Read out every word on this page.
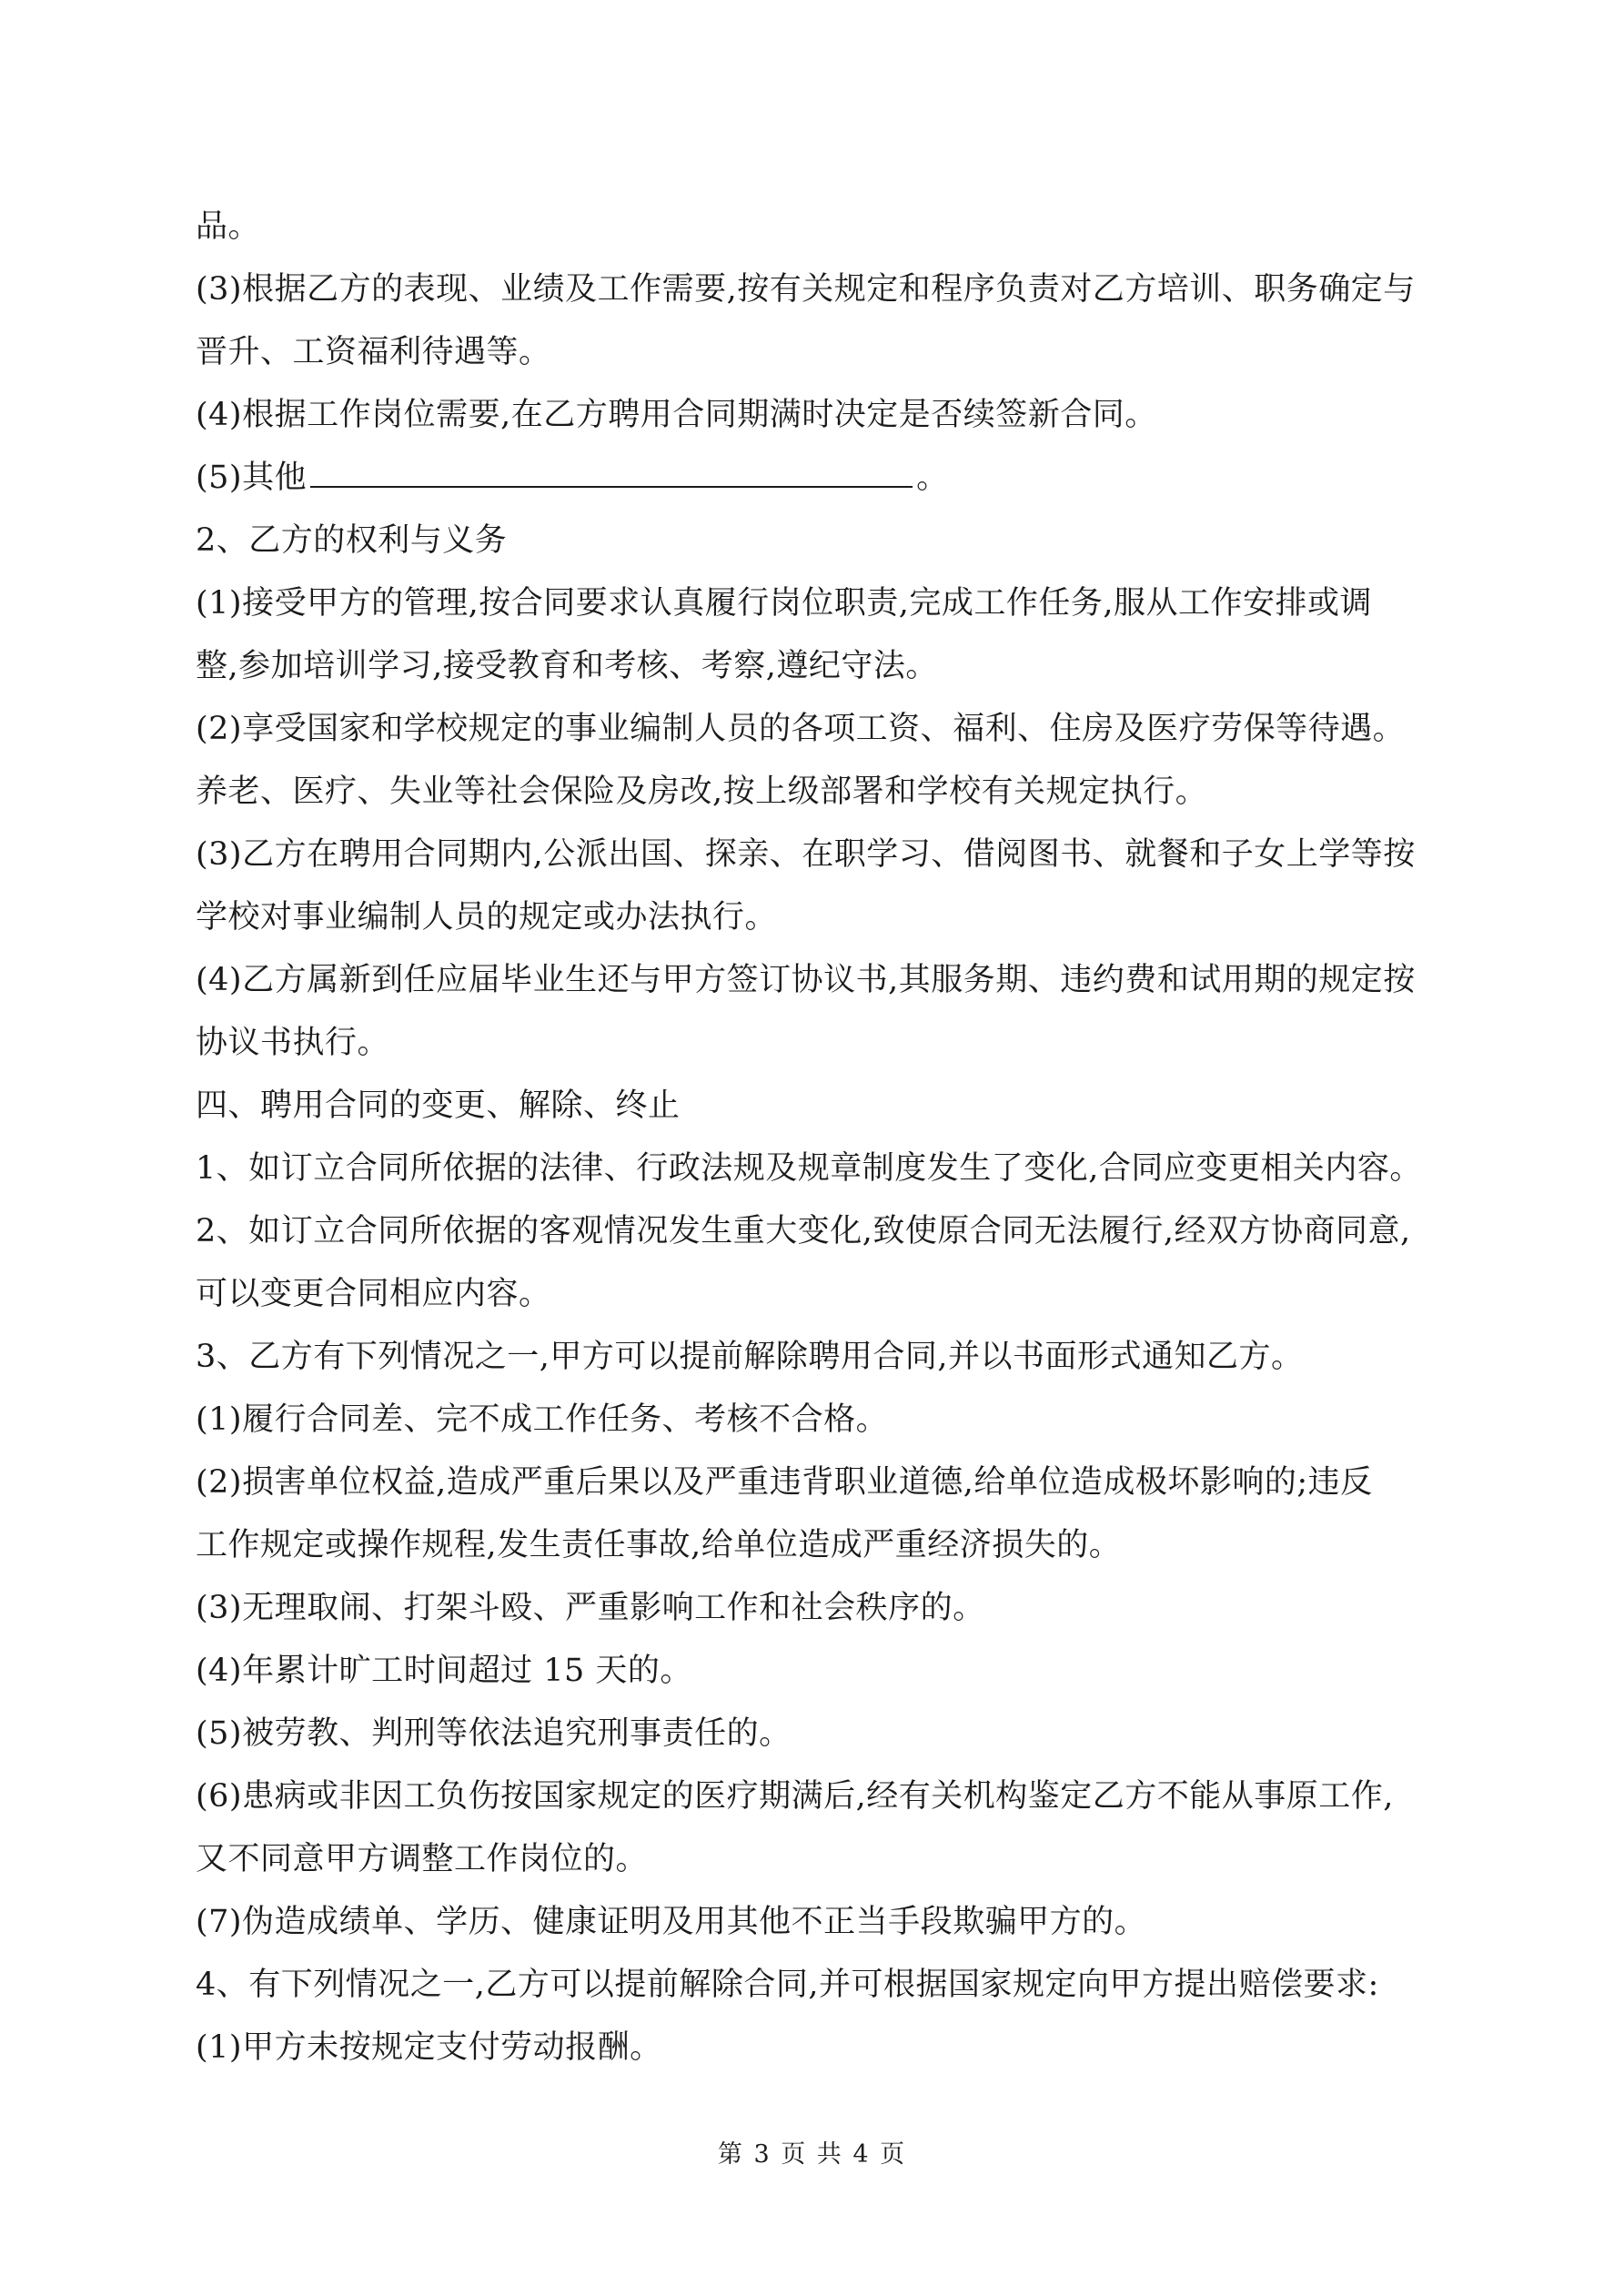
品。
(3)根据乙方的表现、业绩及工作需要,按有关规定和程序负责对乙方培训、职务确定与
晋升、工资福利待遇等。
(4)根据工作岗位需要,在乙方聘用合同期满时决定是否续签新合同。
(5)其他	。
2、乙方的权利与义务
(1)接受甲方的管理,按合同要求认真履行岗位职责,完成工作任务,服从工作安排或调
整,参加培训学习,接受教育和考核、考察,遵纪守法。
(2)享受国家和学校规定的事业编制人员的各项工资、福利、住房及医疗劳保等待遇。
养老、医疗、失业等社会保险及房改,按上级部署和学校有关规定执行。
(3)乙方在聘用合同期内,公派出国、探亲、在职学习、借阅图书、就餐和子女上学等按
学校对事业编制人员的规定或办法执行。
(4)乙方属新到任应届毕业生还与甲方签订协议书,其服务期、违约费和试用期的规定按
协议书执行。
四、聘用合同的变更、解除、终止
1、如订立合同所依据的法律、行政法规及规章制度发生了变化,合同应变更相关内容。
2、如订立合同所依据的客观情况发生重大变化,致使原合同无法履行,经双方协商同意,
可以变更合同相应内容。
3、乙方有下列情况之一,甲方可以提前解除聘用合同,并以书面形式通知乙方。
(1)履行合同差、完不成工作任务、考核不合格。
(2)损害单位权益,造成严重后果以及严重违背职业道德,给单位造成极坏影响的;违反
工作规定或操作规程,发生责任事故,给单位造成严重经济损失的。
(3)无理取闹、打架斗殴、严重影响工作和社会秩序的。
(4)年累计旷工时间超过 15 天的。
(5)被劳教、判刑等依法追究刑事责任的。
(6)患病或非因工负伤按国家规定的医疗期满后,经有关机构鉴定乙方不能从事原工作,
又不同意甲方调整工作岗位的。
(7)伪造成绩单、学历、健康证明及用其他不正当手段欺骗甲方的。
4、有下列情况之一,乙方可以提前解除合同,并可根据国家规定向甲方提出赔偿要求:
(1)甲方未按规定支付劳动报酬。
第 3 页 共 4 页
